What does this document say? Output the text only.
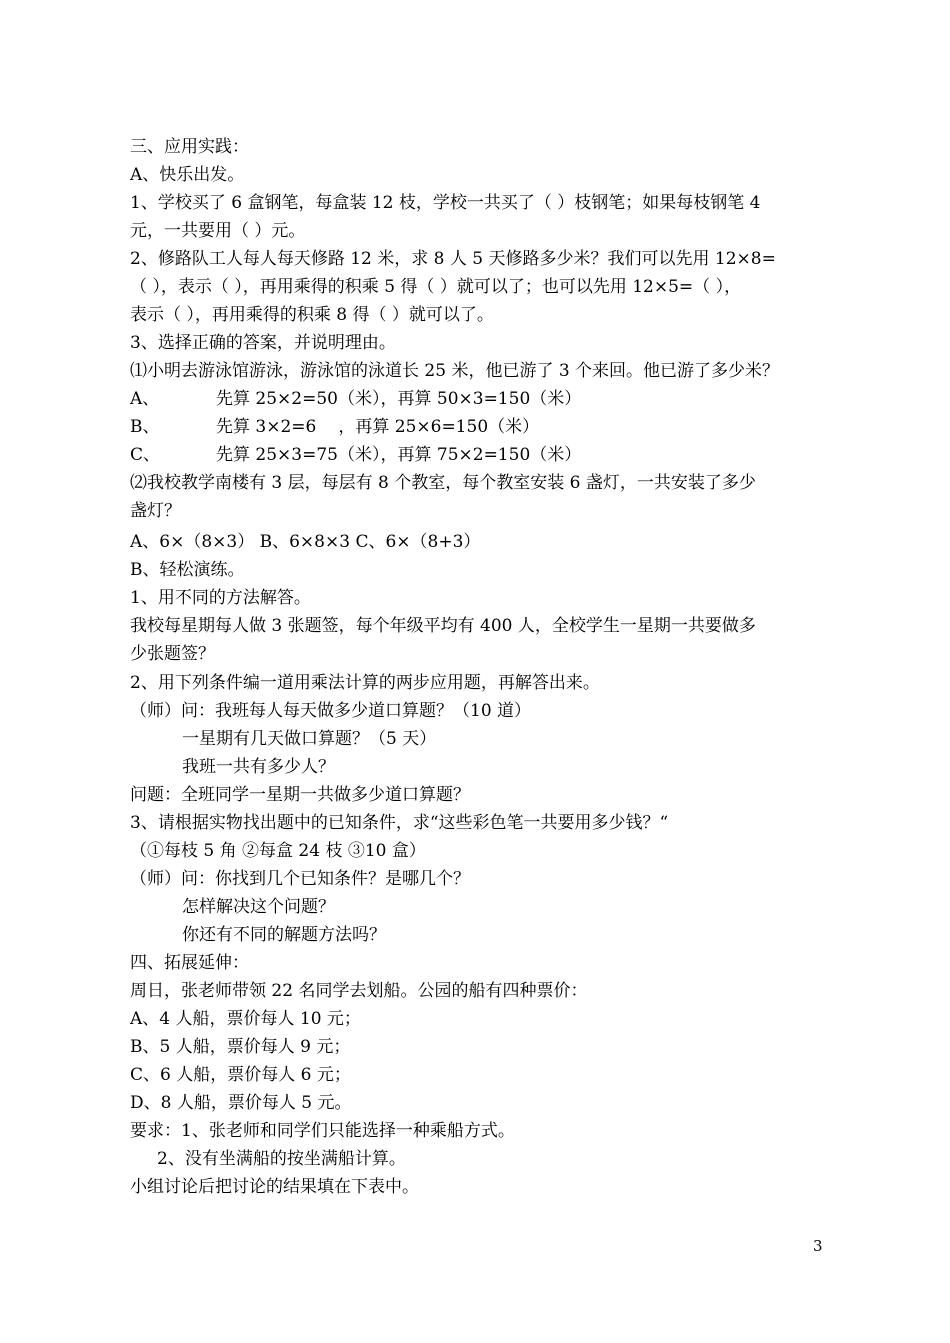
三、应用实践：
A、快乐出发。
1、学校买了 6 盒钢笔，每盒装 12 枝，学校一共买了（ ）枝钢笔；如果每枝钢笔 4
元，一共要用（ ）元。
2、修路队工人每人每天修路 12 米，求 8 人 5 天修路多少米？我们可以先用 12×8=
（ ），表示（ ），再用乘得的积乘 5 得（ ）就可以了；也可以先用 12×5=（ ），
表示（ ），再用乘得的积乘 8 得（ ）就可以了。
3、选择正确的答案，并说明理由。
⑴小明去游泳馆游泳，游泳馆的泳道长 25 米，他已游了 3 个来回。他已游了多少米？
A、	先算 25×2=50（米），再算 50×3=150（米）
B、	先算 3×2=6 ，再算 25×6=150（米）
C、	先算 25×3=75（米），再算 75×2=150（米）
⑵我校教学南楼有 3 层，每层有 8 个教室，每个教室安装 6 盏灯，一共安装了多少
盏灯？
A、6×（8×3） B、6×8×3 C、6×（8+3）
B、轻松演练。
1、用不同的方法解答。
我校每星期每人做 3 张题签，每个年级平均有 400 人，全校学生一星期一共要做多
少张题签？
2、用下列条件编一道用乘法计算的两步应用题，再解答出来。
（师）问：我班每人每天做多少道口算题？（10 道）
一星期有几天做口算题？（5 天）
我班一共有多少人？
问题：全班同学一星期一共做多少道口算题？
3、请根据实物找出题中的已知条件，求“这些彩色笔一共要用多少钱？“
（①每枝 5 角 ②每盒 24 枝 ③10 盒）
（师）问：你找到几个已知条件？是哪几个？
怎样解决这个问题？
你还有不同的解题方法吗？
四、拓展延伸：
周日，张老师带领 22 名同学去划船。公园的船有四种票价：
A、4 人船，票价每人 10 元；
B、5 人船，票价每人 9 元；
C、6 人船，票价每人 6 元；
D、8 人船，票价每人 5 元。
要求：1、张老师和同学们只能选择一种乘船方式。
2、没有坐满船的按坐满船计算。
小组讨论后把讨论的结果填在下表中。
3
